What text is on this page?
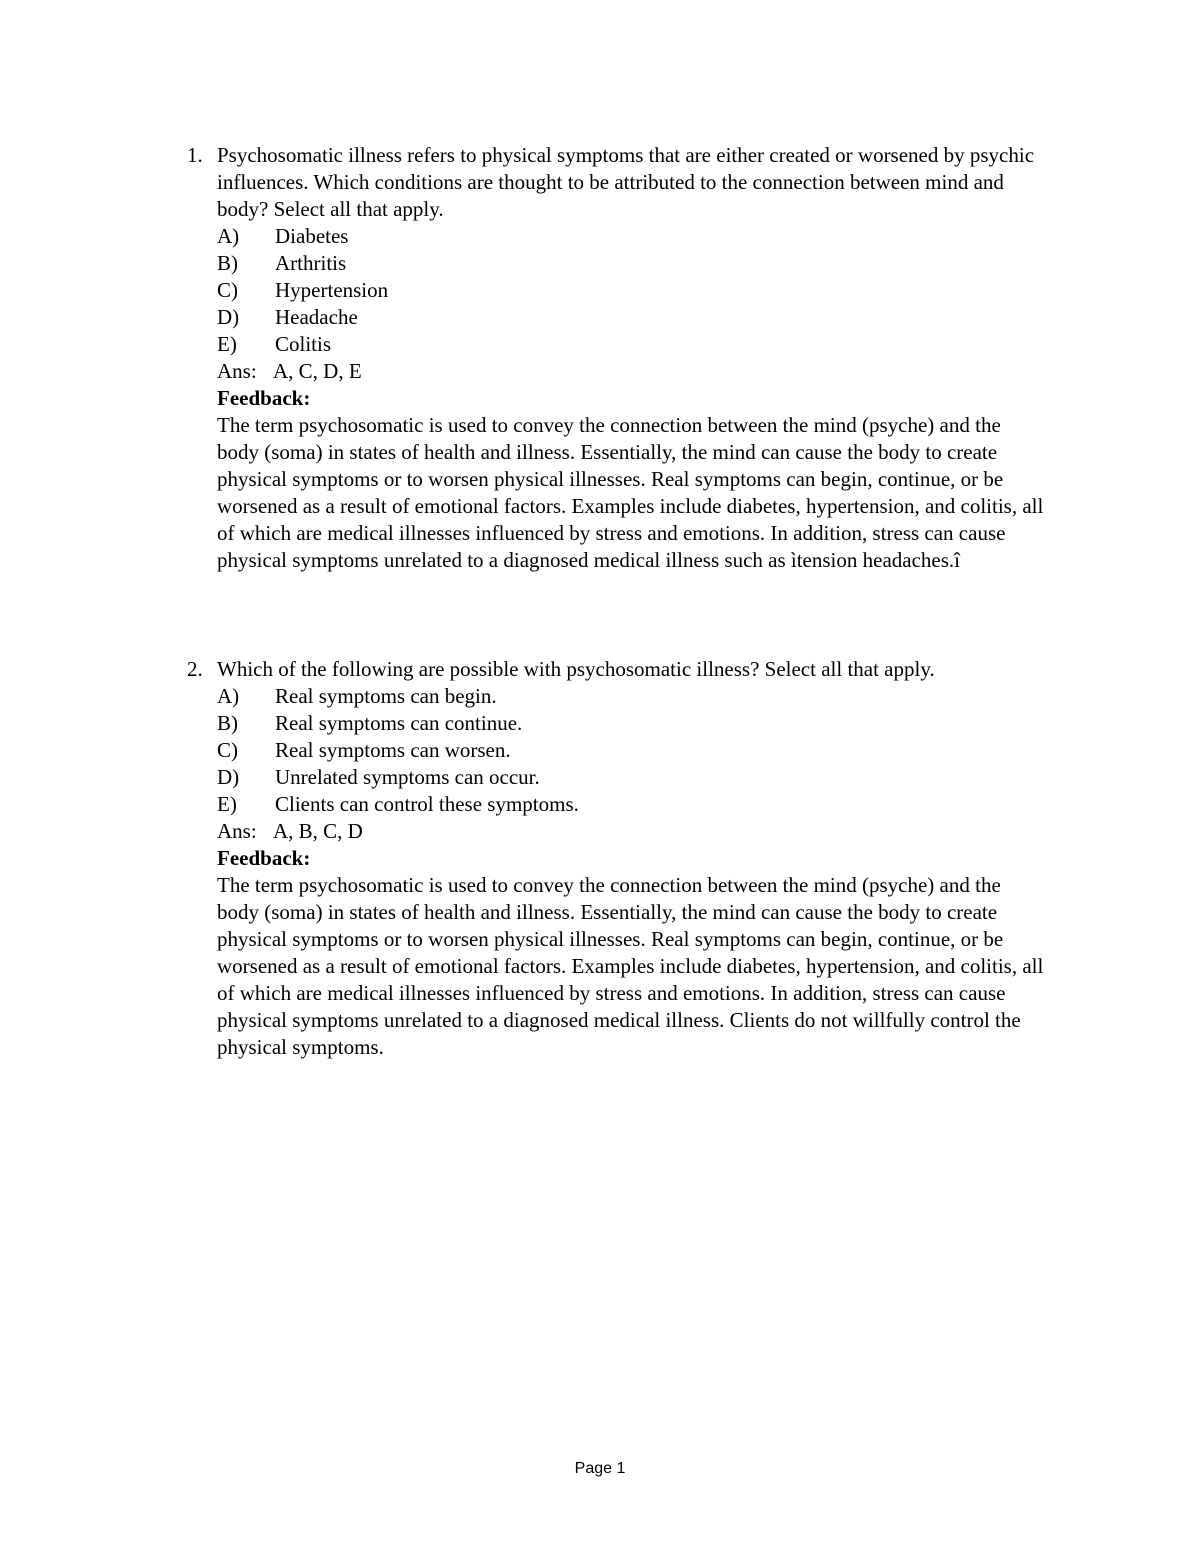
1. Psychosomatic illness refers to physical symptoms that are either created or worsened by psychic influences. Which conditions are thought to be attributed to the connection between mind and body? Select all that apply.
A)	Diabetes
B)	Arthritis
C)	Hypertension
D)	Headache
E)	Colitis
Ans: A, C, D, E
Feedback:

The term psychosomatic is used to convey the connection between the mind (psyche) and the body (soma) in states of health and illness. Essentially, the mind can cause the body to create physical symptoms or to worsen physical illnesses. Real symptoms can begin, continue, or be worsened as a result of emotional factors. Examples include diabetes, hypertension, and colitis, all of which are medical illnesses influenced by stress and emotions. In addition, stress can cause physical symptoms unrelated to a diagnosed medical illness such as ìtension headaches.î

2. Which of the following are possible with psychosomatic illness? Select all that apply.
A)	Real symptoms can begin.
B)	Real symptoms can continue.
C)	Real symptoms can worsen.
D)	Unrelated symptoms can occur.
E)	Clients can control these symptoms.
Ans: A, B, C, D
Feedback:

The term psychosomatic is used to convey the connection between the mind (psyche) and the body (soma) in states of health and illness. Essentially, the mind can cause the body to create physical symptoms or to worsen physical illnesses. Real symptoms can begin, continue, or be worsened as a result of emotional factors. Examples include diabetes, hypertension, and colitis, all of which are medical illnesses influenced by stress and emotions. In addition, stress can cause physical symptoms unrelated to a diagnosed medical illness. Clients do not willfully control the physical symptoms.

Page 1
